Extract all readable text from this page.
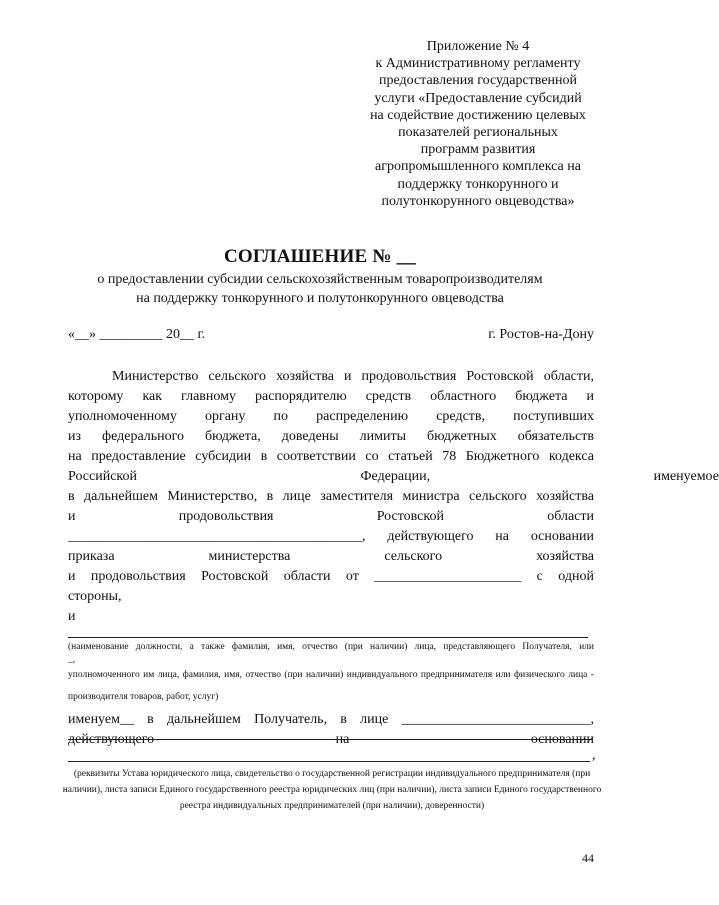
Приложение № 4
к Административному регламенту
предоставления государственной
услуги «Предоставление субсидий
на содействие достижению целевых
показателей региональных
программ развития
агропромышленного комплекса на
поддержку тонкорунного и
полутонкорунного овцеводства»
СОГЛАШЕНИЕ № __
о предоставлении субсидии сельскохозяйственным товаропроизводителям
на поддержку тонкорунного и полутонкорунного овцеводства
«__» _________ 20__ г.	г. Ростов-на-Дону
Министерство сельского хозяйства и продовольствия Ростовской области,
которому как главному распорядителю средств областного бюджета и
уполномоченному органу по распределению средств, поступивших
из федерального бюджета, доведены лимиты бюджетных обязательств
на предоставление субсидии в соответствии со статьей 78 Бюджетного кодекса
Российской Федерации, именуемое
в дальнейшем Министерство, в лице заместителя министра сельского хозяйства
и продовольствия Ростовской области
__________________________________________, действующего на основании
приказа министерства сельского хозяйства
и продовольствия Ростовской области от _____________________ с одной
стороны,
и
(наименование должности, а также фамилия, имя, отчество (при наличии) лица, представляющего Получателя, или
_,
уполномоченного им лица, фамилия, имя, отчество (при наличии) индивидуального предпринимателя или физического лица -
производителя товаров, работ, услуг)
именуем__ в дальнейшем Получатель, в лице ___________________________,
действующего на основании
,
(реквизиты Устава юридического лица, свидетельство о государственной регистрации индивидуального предпринимателя (при наличии), листа записи Единого государственного реестра юридических лиц (при наличии), листа записи Единого государственного реестра индивидуальных предпринимателей (при наличии), доверенности)
44
